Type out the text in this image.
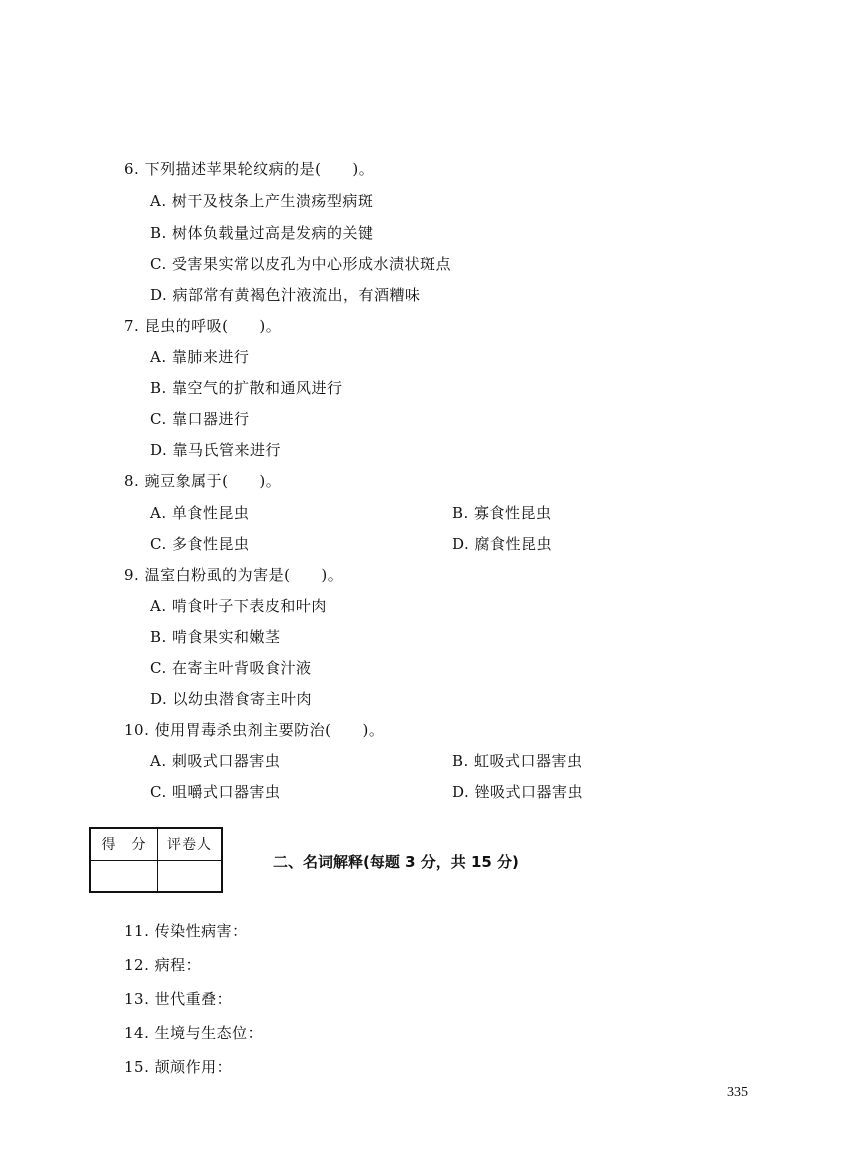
6. 下列描述苹果轮纹病的是(　　)。
A. 树干及枝条上产生溃疡型病斑
B. 树体负载量过高是发病的关键
C. 受害果实常以皮孔为中心形成水渍状斑点
D. 病部常有黄褐色汁液流出，有酒糟味
7. 昆虫的呼吸(　　)。
A. 靠肺来进行
B. 靠空气的扩散和通风进行
C. 靠口器进行
D. 靠马氏管来进行
8. 豌豆象属于(　　)。
A. 单食性昆虫	B. 寡食性昆虫
C. 多食性昆虫	D. 腐食性昆虫
9. 温室白粉虱的为害是(　　)。
A. 啃食叶子下表皮和叶肉
B. 啃食果实和嫩茎
C. 在寄主叶背吸食汁液
D. 以幼虫潜食寄主叶肉
10. 使用胃毒杀虫剂主要防治(　　)。
A. 刺吸式口器害虫	B. 虹吸式口器害虫
C. 咀嚼式口器害虫	D. 锉吸式口器害虫
得　分	评卷人

二、名词解释(每题 3 分，共 15 分)
11. 传染性病害：
12. 病程：
13. 世代重叠：
14. 生境与生态位：
15. 颉颃作用：
335
